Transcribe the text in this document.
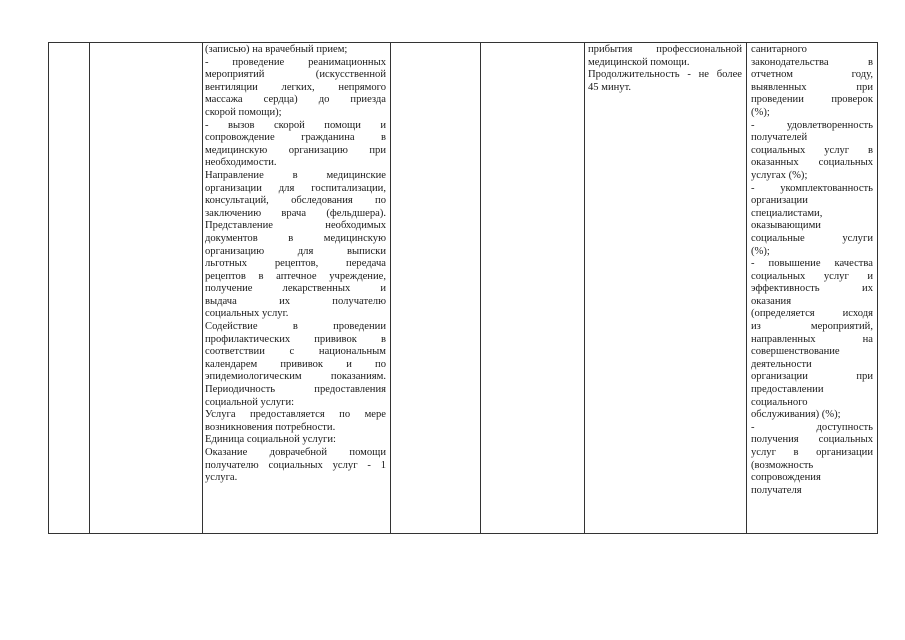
(записью) на врачебный прием;

- проведение реанимационных

мероприятий (искусственной

вентиляции легких, непрямого

массажа сердца) до приезда

скорой помощи);

- вызов скорой помощи и

сопровождение гражданина в

медицинскую организацию при

необходимости.

Направление в медицинские

организации для госпитализации,

консультаций, обследования по

заключению врача (фельдшера).

Представление необходимых

документов в медицинскую

организацию для выписки

льготных рецептов, передача

рецептов в аптечное учреждение,

получение лекарственных и

выдача их получателю

социальных услуг.

Содействие в проведении

профилактических прививок в

соответствии с национальным

календарем прививок и по

эпидемиологическим показаниям.

Периодичность предоставления

социальной услуги:

Услуга предоставляется по мере

возникновения потребности.

Единица социальной услуги:

Оказание доврачебной помощи

получателю социальных услуг - 1

услуга.

прибытия профессиональной

медицинской помощи.

Продолжительность - не более

45 минут.

санитарного

законодательства в

отчетном году,

выявленных при

проведении проверок

(%);

- удовлетворенность

получателей

социальных услуг в

оказанных социальных

услугах (%);

- укомплектованность

организации

специалистами,

оказывающими

социальные услуги

(%);

- повышение качества

социальных услуг и

эффективность их

оказания

(определяется исходя

из мероприятий,

направленных на

совершенствование

деятельности

организации при

предоставлении

социального

обслуживания) (%);

- доступность

получения социальных

услуг в организации

(возможность

сопровождения

получателя
